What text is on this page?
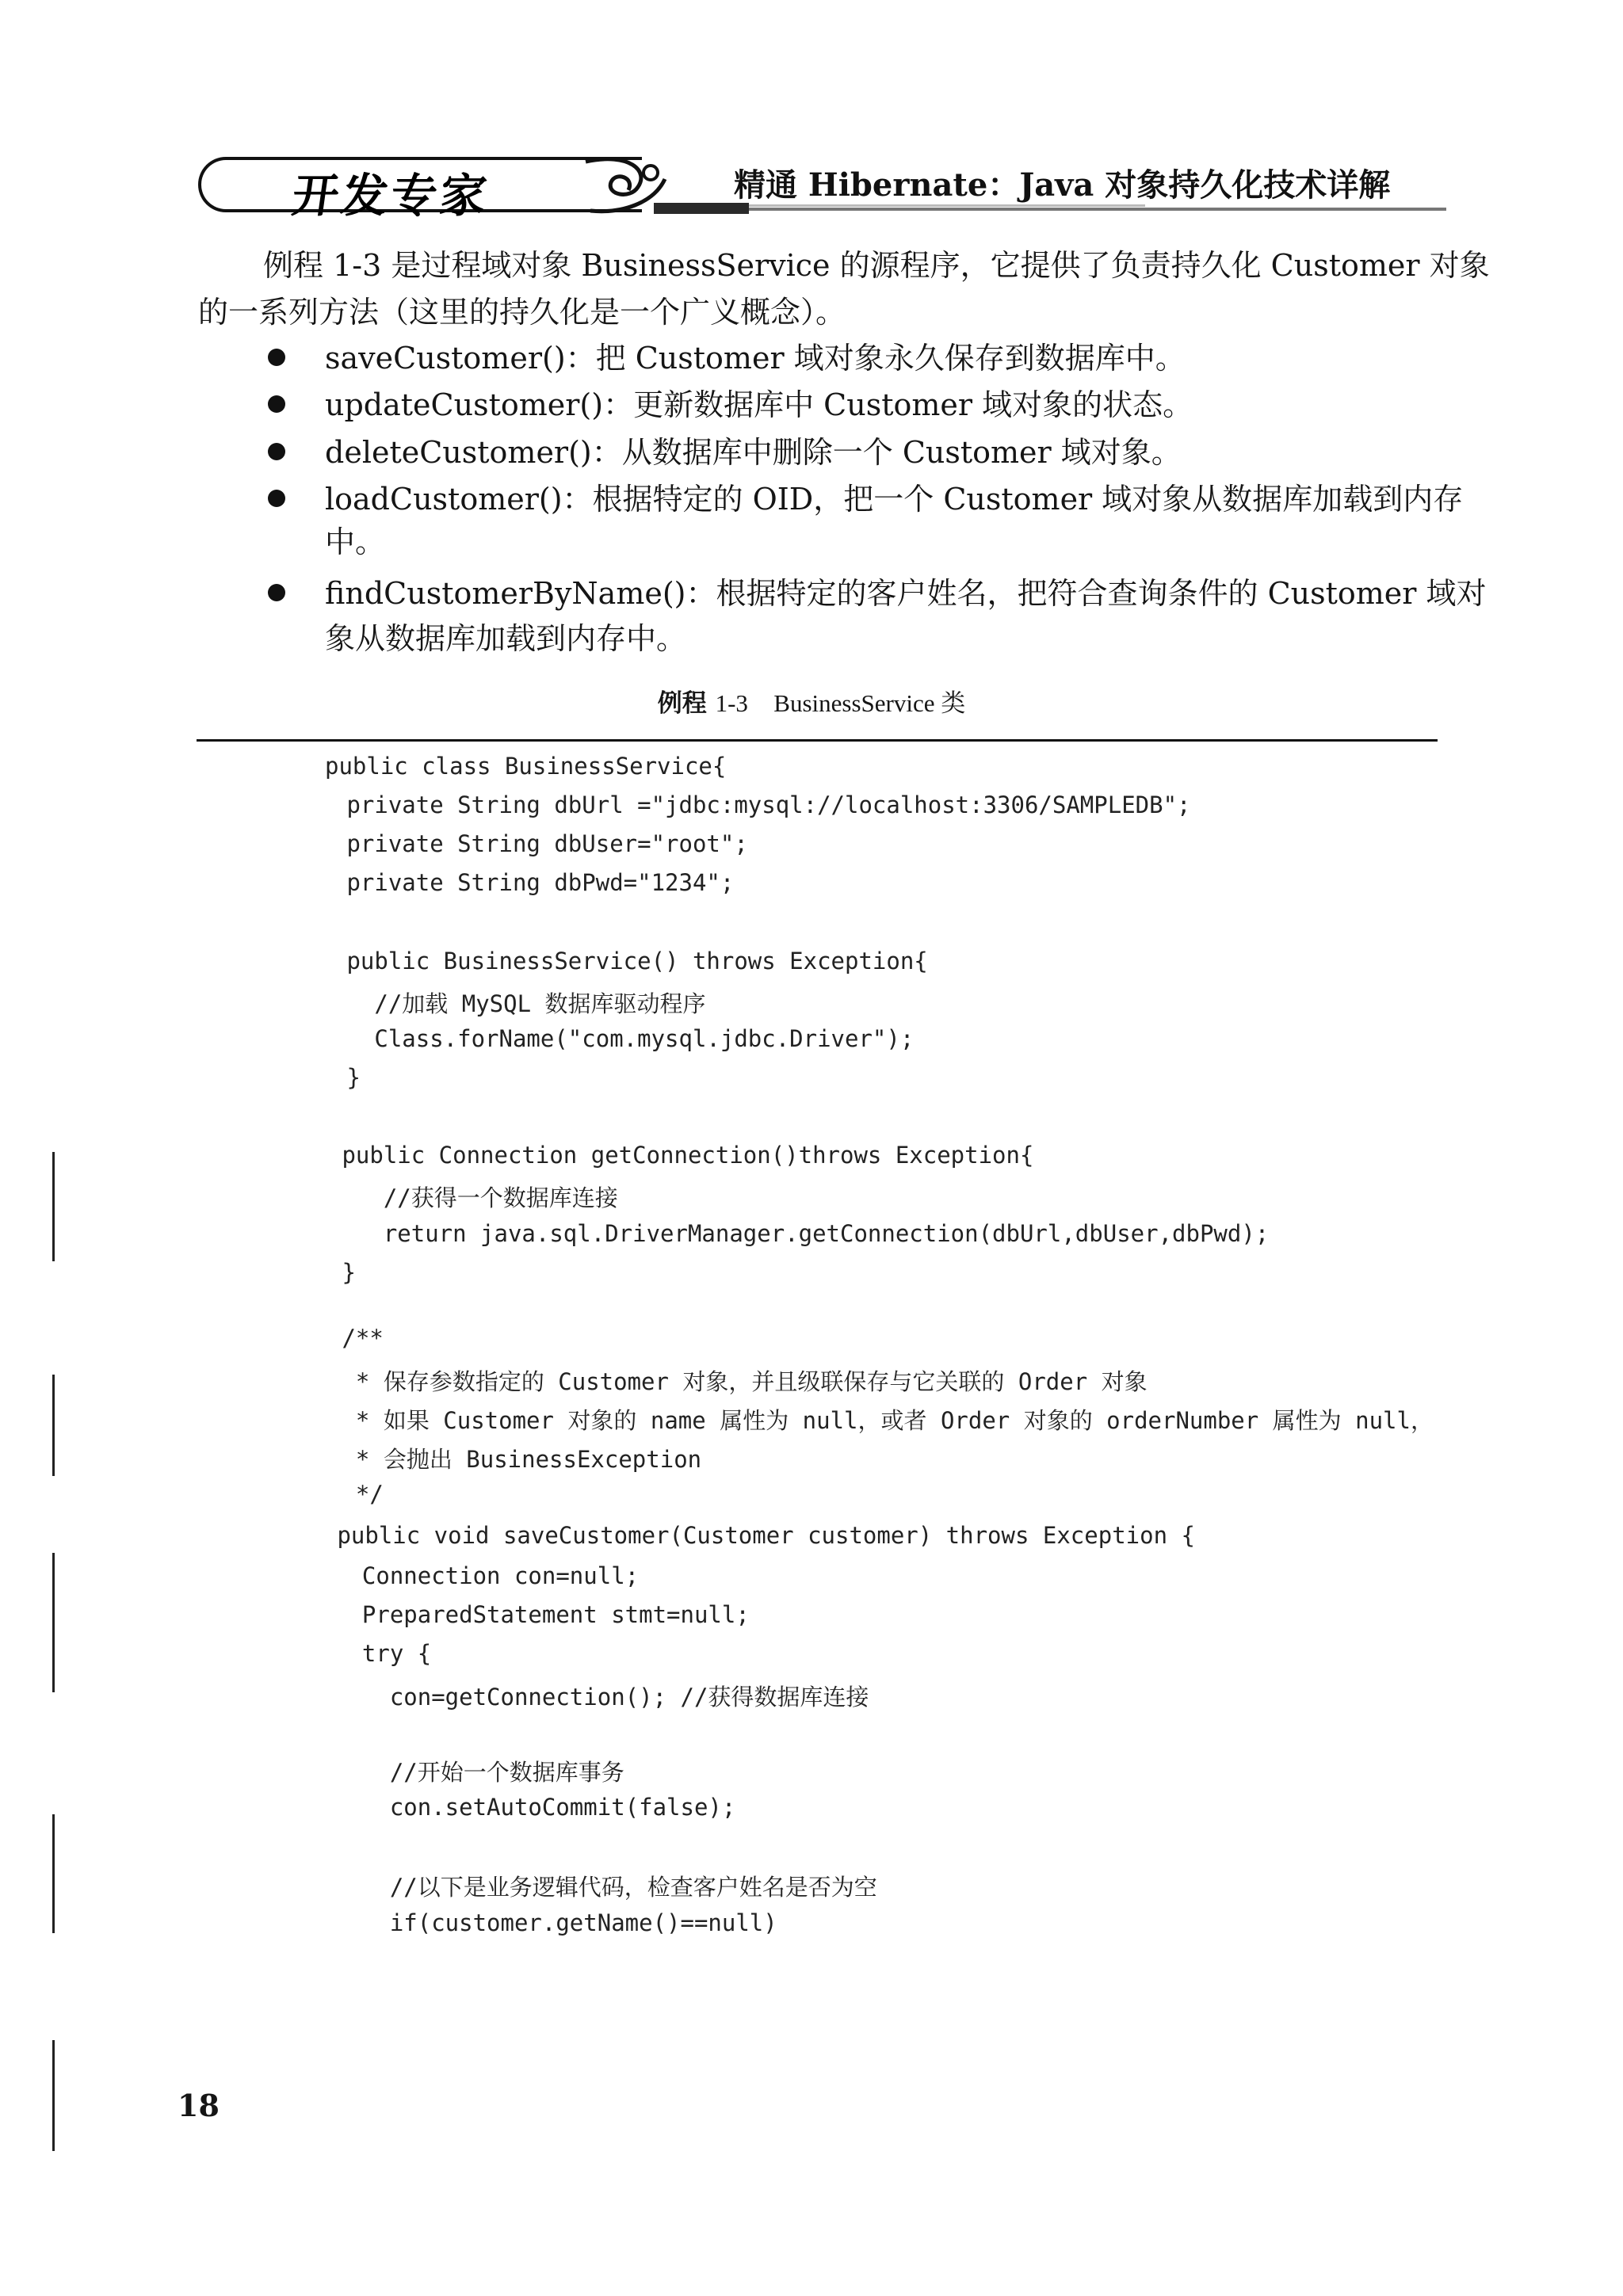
开发专家	精通 Hibernate：Java 对象持久化技术详解
例程 1-3 是过程域对象 BusinessService 的源程序，它提供了负责持久化 Customer 对象
的一系列方法（这里的持久化是一个广义概念）。
saveCustomer()：把 Customer 域对象永久保存到数据库中。
updateCustomer()：更新数据库中 Customer 域对象的状态。
deleteCustomer()：从数据库中删除一个 Customer 域对象。
loadCustomer()：根据特定的 OID，把一个 Customer 域对象从数据库加载到内存
中。
findCustomerByName()：根据特定的客户姓名，把符合查询条件的 Customer 域对
象从数据库加载到内存中。
例程 1-3 BusinessService 类
public class BusinessService{
private String dbUrl ="jdbc:mysql://localhost:3306/SAMPLEDB";
private String dbUser="root";
private String dbPwd="1234";
public BusinessService() throws Exception{
//加载 MySQL 数据库驱动程序
Class.forName("com.mysql.jdbc.Driver");
}
public Connection getConnection()throws Exception{
//获得一个数据库连接
return java.sql.DriverManager.getConnection(dbUrl,dbUser,dbPwd);
}
/**
* 保存参数指定的 Customer 对象，并且级联保存与它关联的 Order 对象
* 如果 Customer 对象的 name 属性为 null，或者 Order 对象的 orderNumber 属性为 null，
* 会抛出 BusinessException
*/
public void saveCustomer(Customer customer) throws Exception {
Connection con=null;
PreparedStatement stmt=null;
try {
con=getConnection(); //获得数据库连接
//开始一个数据库事务
con.setAutoCommit(false);
//以下是业务逻辑代码，检查客户姓名是否为空
if(customer.getName()==null)
18
